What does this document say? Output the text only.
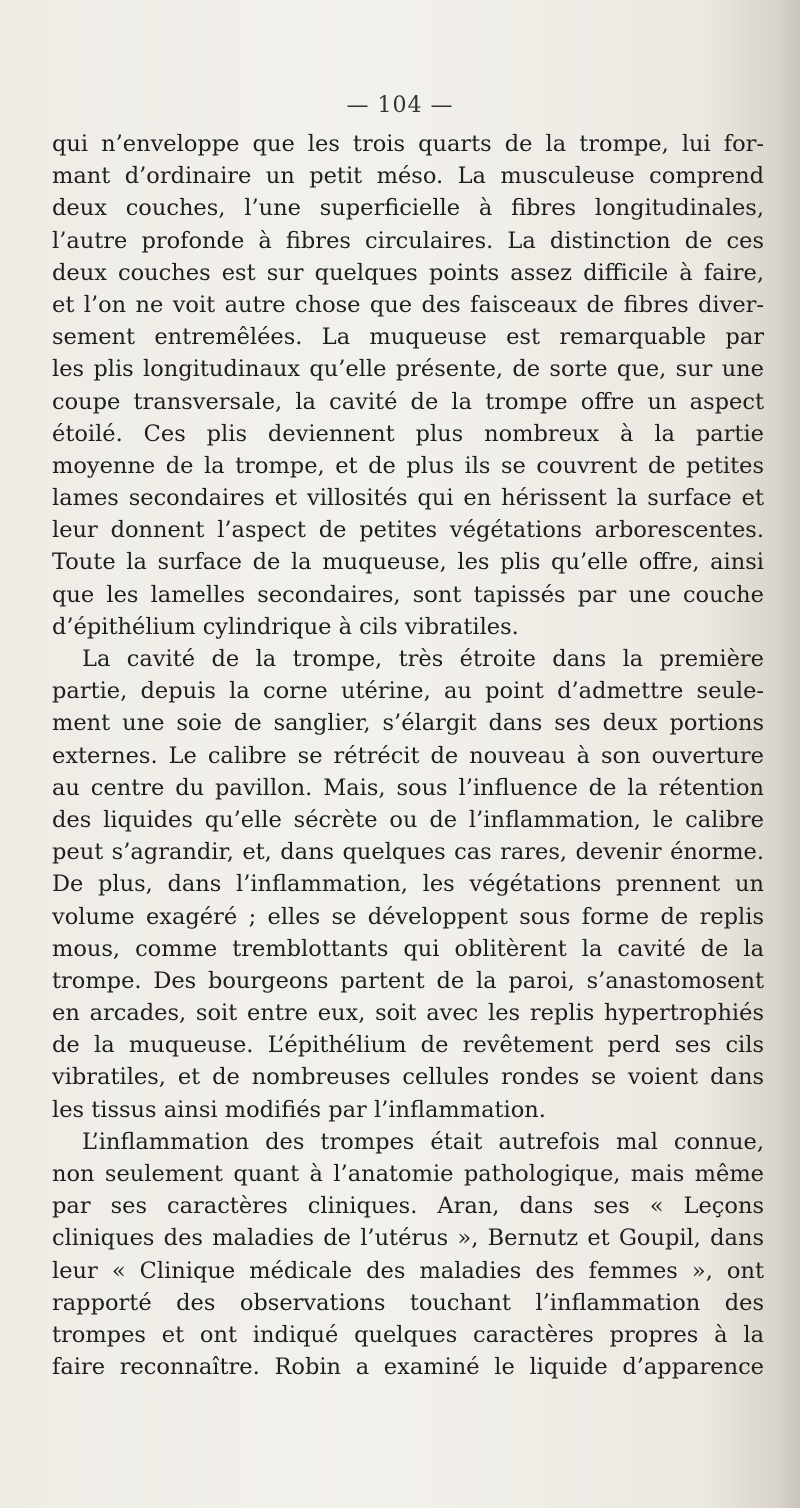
— 104 —
qui n’enveloppe que les trois quarts de la trompe, lui for-
mant d’ordinaire un petit méso. La musculeuse comprend
deux couches, l’une superficielle à fibres longitudinales,
l’autre profonde à fibres circulaires. La distinction de ces
deux couches est sur quelques points assez difficile à faire,
et l’on ne voit autre chose que des faisceaux de fibres diver-
sement entremêlées. La muqueuse est remarquable par
les plis longitudinaux qu’elle présente, de sorte que, sur une
coupe transversale, la cavité de la trompe offre un aspect
étoilé. Ces plis deviennent plus nombreux à la partie
moyenne de la trompe, et de plus ils se couvrent de petites
lames secondaires et villosités qui en hérissent la surface et
leur donnent l’aspect de petites végétations arborescentes.
Toute la surface de la muqueuse, les plis qu’elle offre, ainsi
que les lamelles secondaires, sont tapissés par une couche
d’épithélium cylindrique à cils vibratiles.
La cavité de la trompe, très étroite dans la première
partie, depuis la corne utérine, au point d’admettre seule-
ment une soie de sanglier, s’élargit dans ses deux portions
externes. Le calibre se rétrécit de nouveau à son ouverture
au centre du pavillon. Mais, sous l’influence de la rétention
des liquides qu’elle sécrète ou de l’inflammation, le calibre
peut s’agrandir, et, dans quelques cas rares, devenir énorme.
De plus, dans l’inflammation, les végétations prennent un
volume exagéré ; elles se développent sous forme de replis
mous, comme tremblottants qui oblitèrent la cavité de la
trompe. Des bourgeons partent de la paroi, s’anastomosent
en arcades, soit entre eux, soit avec les replis hypertrophiés
de la muqueuse. L’épithélium de revêtement perd ses cils
vibratiles, et de nombreuses cellules rondes se voient dans
les tissus ainsi modifiés par l’inflammation.
L’inflammation des trompes était autrefois mal connue,
non seulement quant à l’anatomie pathologique, mais même
par ses caractères cliniques. Aran, dans ses « Leçons
cliniques des maladies de l’utérus », Bernutz et Goupil, dans
leur « Clinique médicale des maladies des femmes », ont
rapporté des observations touchant l’inflammation des
trompes et ont indiqué quelques caractères propres à la
faire reconnaître. Robin a examiné le liquide d’apparence
